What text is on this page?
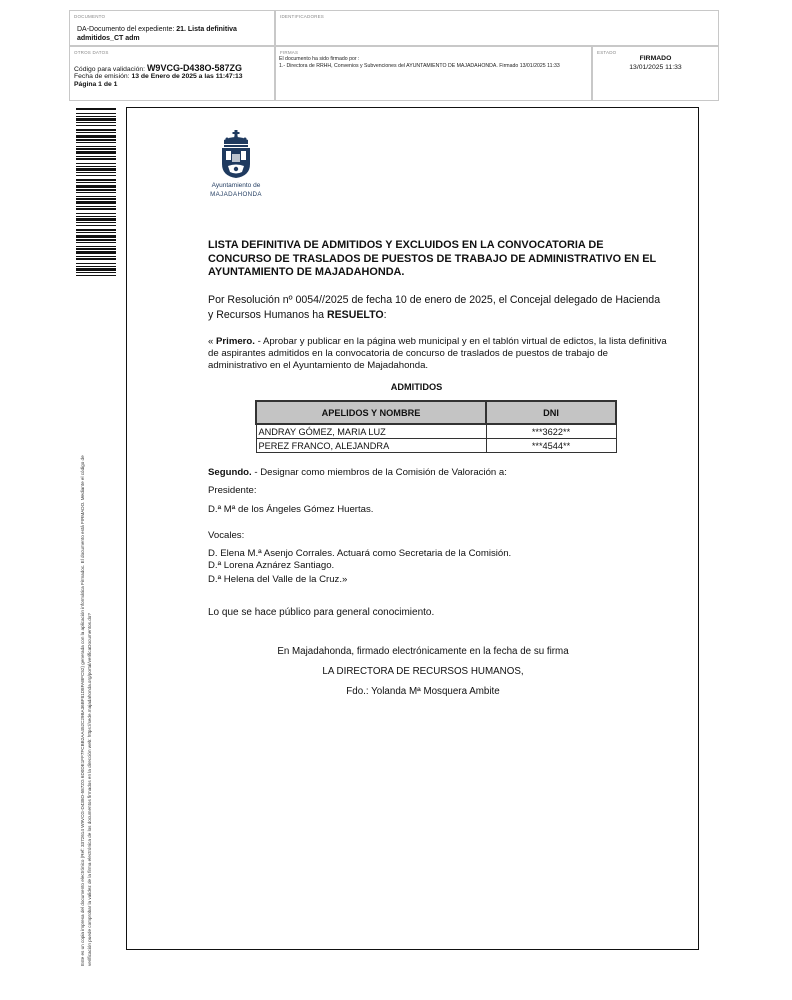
DOCUMENTO
DA-Documento del expediente: 21. Lista definitiva admitidos_CT adm
IDENTIFICADORES
OTROS DATOS
Código para validación: W9VCG-D438O-587ZG
Fecha de emisión: 13 de Enero de 2025 a las 11:47:13
Página 1 de 1
FIRMAS
El documento ha sido firmado por :
1.- Directora de RRHH, Convenios y Subvenciones del AYUNTAMIENTO DE MAJADAHONDA. Firmado 13/01/2025 11:33
ESTADO
FIRMADO
13/01/2025 11:33
Este es un copia impresa del documento electrónico (Ref: 3372614 W9VCG-D438O-587ZG 6D0DE1FF7FCBB2AA452C29BA36BF81D8FABFC52) generada con la aplicación informática Firmadoc. El documento está FIRMADO. Mediante el código de verificación puede comprobar la validez de la firma electrónica de los documentos firmados en la dirección web: https://sede.majadahonda.org/portal/verificaDocumentos.do?
Ayuntamiento de
MAJADAHONDA
LISTA DEFINITIVA DE ADMITIDOS Y EXCLUIDOS EN LA CONVOCATORIA DE CONCURSO DE TRASLADOS DE PUESTOS DE TRABAJO DE ADMINISTRATIVO EN EL AYUNTAMIENTO DE MAJADAHONDA.
Por Resolución nº 0054//2025 de fecha 10 de enero de 2025, el Concejal delegado de Hacienda y Recursos Humanos ha RESUELTO:
« Primero. - Aprobar y publicar en la página web municipal y en el tablón virtual de edictos, la lista definitiva de aspirantes admitidos en la convocatoria de concurso de traslados de puestos de trabajo de administrativo en el Ayuntamiento de Majadahonda.
ADMITIDOS
APELIDOS Y NOMBRE	DNI
ANDRAY GÓMEZ, MARIA LUZ	***3622**
PEREZ FRANCO, ALEJANDRA	***4544**
Segundo. - Designar como miembros de la Comisión de Valoración a:
Presidente:
D.ª Mª de los Ángeles Gómez Huertas.
Vocales:
D. Elena M.ª Asenjo Corrales. Actuará como Secretaria de la Comisión.
D.ª Lorena Aznárez Santiago.
D.ª Helena del Valle de la Cruz.»
Lo que se hace público para general conocimiento.
En Majadahonda, firmado electrónicamente en la fecha de su firma
LA DIRECTORA DE RECURSOS HUMANOS,
Fdo.: Yolanda Mª Mosquera Ambite
